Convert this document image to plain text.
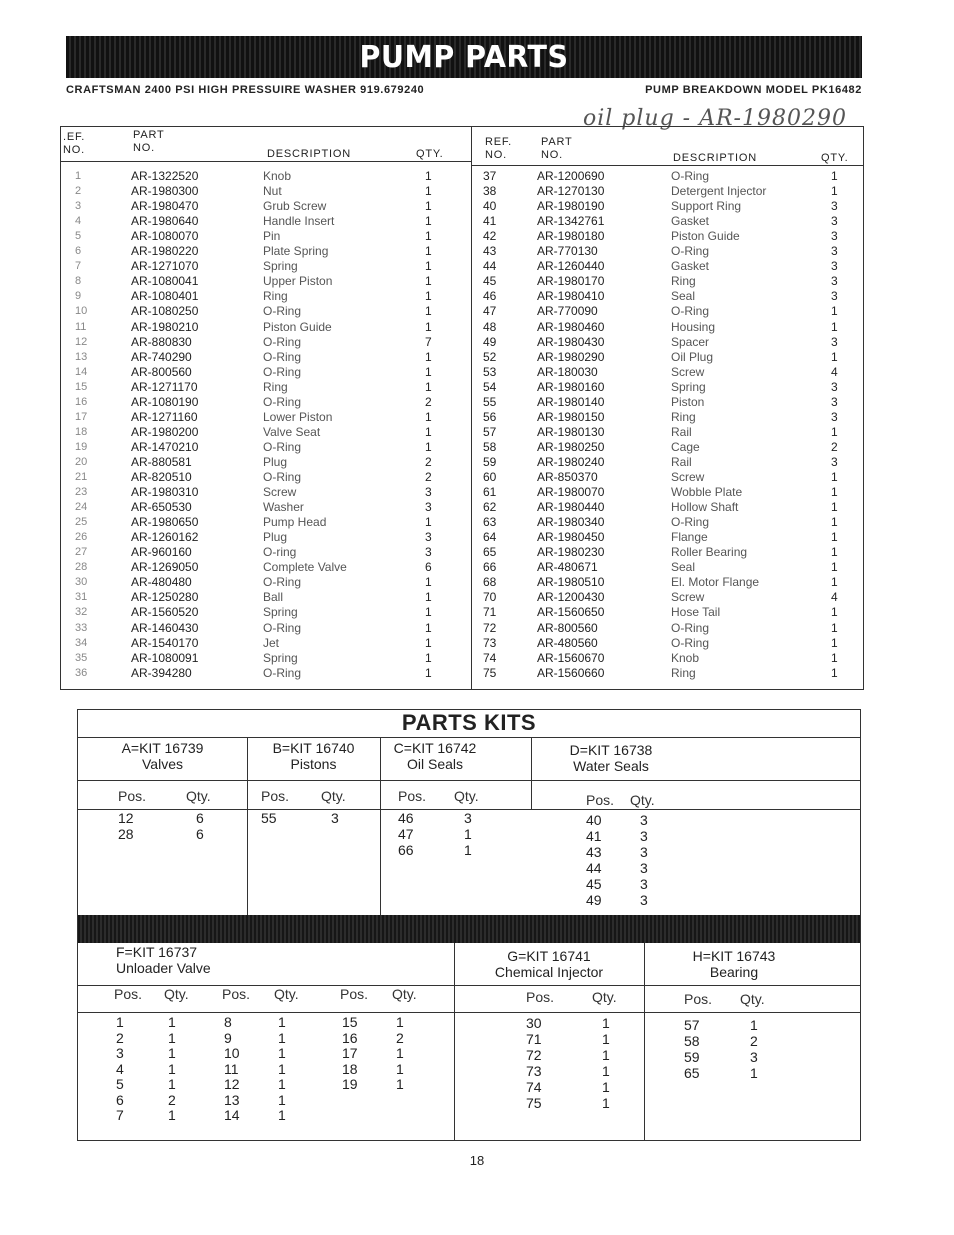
PUMP PARTS
CRAFTSMAN 2400 PSI HIGH PRESSUIRE WASHER 919.679240	PUMP BREAKDOWN MODEL PK16482
oil plug - AR-1980290
.EF.
NO.
PART
NO.	DESCRIPTION	QTY.
REF.
NO.
PART
NO.	DESCRIPTION	QTY.
1	AR-1322520	Knob	1
2	AR-1980300	Nut	1
3	AR-1980470	Grub Screw	1
4	AR-1980640	Handle Insert	1
5	AR-1080070	Pin	1
6	AR-1980220	Plate Spring	1
7	AR-1271070	Spring	1
8	AR-1080041	Upper Piston	1
9	AR-1080401	Ring	1
10	AR-1080250	O-Ring	1
11	AR-1980210	Piston Guide	1
12	AR-880830	O-Ring	7
13	AR-740290	O-Ring	1
14	AR-800560	O-Ring	1
15	AR-1271170	Ring	1
16	AR-1080190	O-Ring	2
17	AR-1271160	Lower Piston	1
18	AR-1980200	Valve Seat	1
19	AR-1470210	O-Ring	1
20	AR-880581	Plug	2
21	AR-820510	O-Ring	2
23	AR-1980310	Screw	3
24	AR-650530	Washer	3
25	AR-1980650	Pump Head	1
26	AR-1260162	Plug	3
27	AR-960160	O-ring	3
28	AR-1269050	Complete Valve	6
30	AR-480480	O-Ring	1
31	AR-1250280	Ball	1
32	AR-1560520	Spring	1
33	AR-1460430	O-Ring	1
34	AR-1540170	Jet	1
35	AR-1080091	Spring	1
36	AR-394280	O-Ring	1
37	AR-1200690	O-Ring	1
38	AR-1270130	Detergent Injector	1
40	AR-1980190	Support Ring	3
41	AR-1342761	Gasket	3
42	AR-1980180	Piston Guide	3
43	AR-770130	O-Ring	3
44	AR-1260440	Gasket	3
45	AR-1980170	Ring	3
46	AR-1980410	Seal	3
47	AR-770090	O-Ring	1
48	AR-1980460	Housing	1
49	AR-1980430	Spacer	3
52	AR-1980290	Oil Plug	1
53	AR-180030	Screw	4
54	AR-1980160	Spring	3
55	AR-1980140	Piston	3
56	AR-1980150	Ring	3
57	AR-1980130	Rail	1
58	AR-1980250	Cage	2
59	AR-1980240	Rail	3
60	AR-850370	Screw	1
61	AR-1980070	Wobble Plate	1
62	AR-1980440	Hollow Shaft	1
63	AR-1980340	O-Ring	1
64	AR-1980450	Flange	1
65	AR-1980230	Roller Bearing	1
66	AR-480671	Seal	1
68	AR-1980510	El. Motor Flange	1
70	AR-1200430	Screw	4
71	AR-1560650	Hose Tail	1
72	AR-800560	O-Ring	1
73	AR-480560	O-Ring	1
74	AR-1560670	Knob	1
75	AR-1560660	Ring	1
PARTS KITS
A=KIT 16739
Valves
B=KIT 16740
Pistons
C=KIT 16742
Oil Seals
D=KIT 16738
Water Seals
F=KIT 16737
Unloader Valve
G=KIT 16741
Chemical Injector
H=KIT 16743
Bearing
Pos.	Qty.
12	6
28	6
Pos. Qty.
55	3
Pos. Qty.
46	3
47	1
66	1
Pos. Qty.
40	3
41	3
43	3
44	3
45	3
49	3
Pos. Qty.
1	1
2	1
3	1
4	1
5	1
6	2
7	1
Pos. Qty.
8	1
9	1
10	1
11	1
12	1
13	1
14	1
Pos. Qty.
15	1
16	2
17	1
18	1
19	1
Pos.	Qty.
30	1
71	1
72	1
73	1
74	1
75	1
Pos. Qty.
57	1
58	2
59	3
65	1
18
